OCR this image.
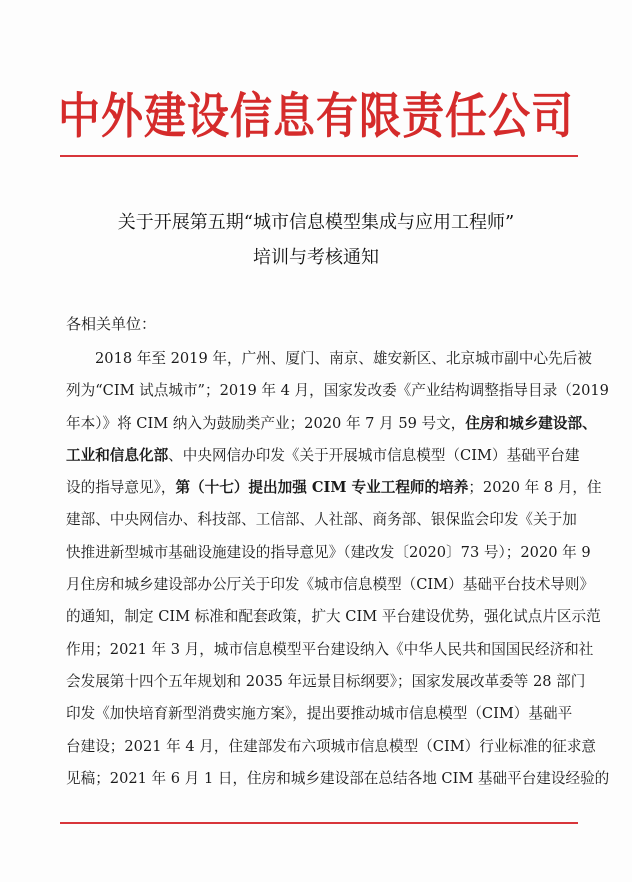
中外建设信息有限责任公司
关于开展第五期“城市信息模型集成与应用工程师”
培训与考核通知
各相关单位：
2018 年至 2019 年，广州、厦门、南京、雄安新区、北京城市副中心先后被
列为“CIM 试点城市”；2019 年 4 月，国家发改委《产业结构调整指导目录（2019
年本）》将 CIM 纳入为鼓励类产业；2020 年 7 月 59 号文，住房和城乡建设部、
工业和信息化部、中央网信办印发《关于开展城市信息模型（CIM）基础平台建
设的指导意见》，第（十七）提出加强 CIM 专业工程师的培养；2020 年 8 月，住
建部、中央网信办、科技部、工信部、人社部、商务部、银保监会印发《关于加
快推进新型城市基础设施建设的指导意见》（建改发〔2020〕73 号）；2020 年 9
月住房和城乡建设部办公厅关于印发《城市信息模型（CIM）基础平台技术导则》
的通知，制定 CIM 标准和配套政策，扩大 CIM 平台建设优势，强化试点片区示范
作用；2021 年 3 月，城市信息模型平台建设纳入《中华人民共和国国民经济和社
会发展第十四个五年规划和 2035 年远景目标纲要》；国家发展改革委等 28 部门
印发《加快培育新型消费实施方案》，提出要推动城市信息模型（CIM）基础平
台建设；2021 年 4 月，住建部发布六项城市信息模型（CIM）行业标准的征求意
见稿；2021 年 6 月 1 日，住房和城乡建设部在总结各地 CIM 基础平台建设经验的
